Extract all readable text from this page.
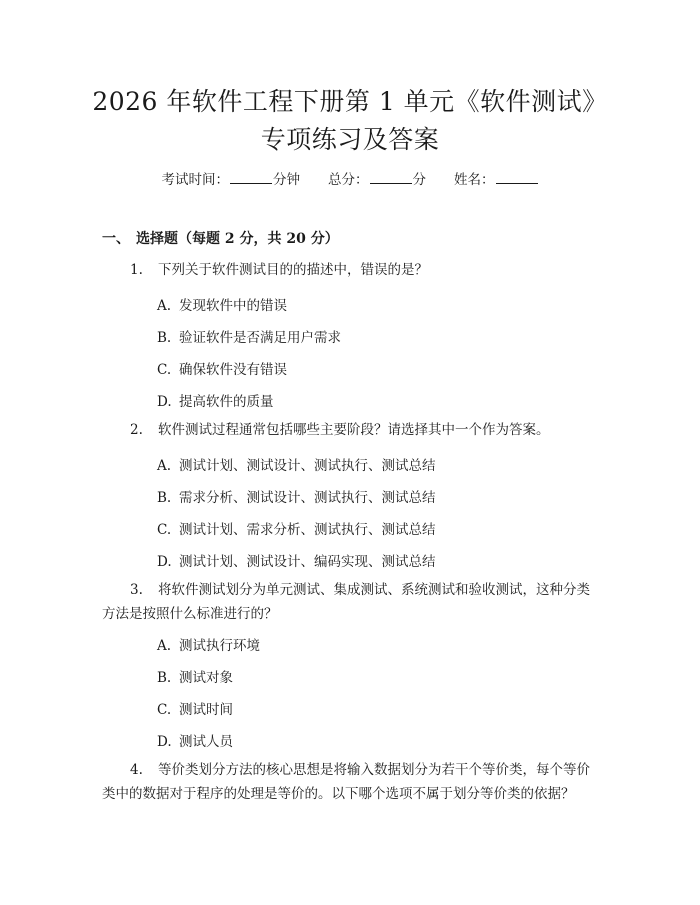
2026 年软件工程下册第 1 单元《软件测试》
专项练习及答案
考试时间：	分钟 总分：	分 姓名：
一、 选择题（每题 2 分，共 20 分）
1. 下列关于软件测试目的的描述中，错误的是？
A. 发现软件中的错误
B. 验证软件是否满足用户需求
C. 确保软件没有错误
D. 提高软件的质量
2. 软件测试过程通常包括哪些主要阶段？请选择其中一个作为答案。
A. 测试计划、测试设计、测试执行、测试总结
B. 需求分析、测试设计、测试执行、测试总结
C. 测试计划、需求分析、测试执行、测试总结
D. 测试计划、测试设计、编码实现、测试总结
3. 将软件测试划分为单元测试、集成测试、系统测试和验收测试，这种分类方法是按照什么标准进行的？
A. 测试执行环境
B. 测试对象
C. 测试时间
D. 测试人员
4. 等价类划分方法的核心思想是将输入数据划分为若干个等价类，每个等价类中的数据对于程序的处理是等价的。以下哪个选项不属于划分等价类的依据？
